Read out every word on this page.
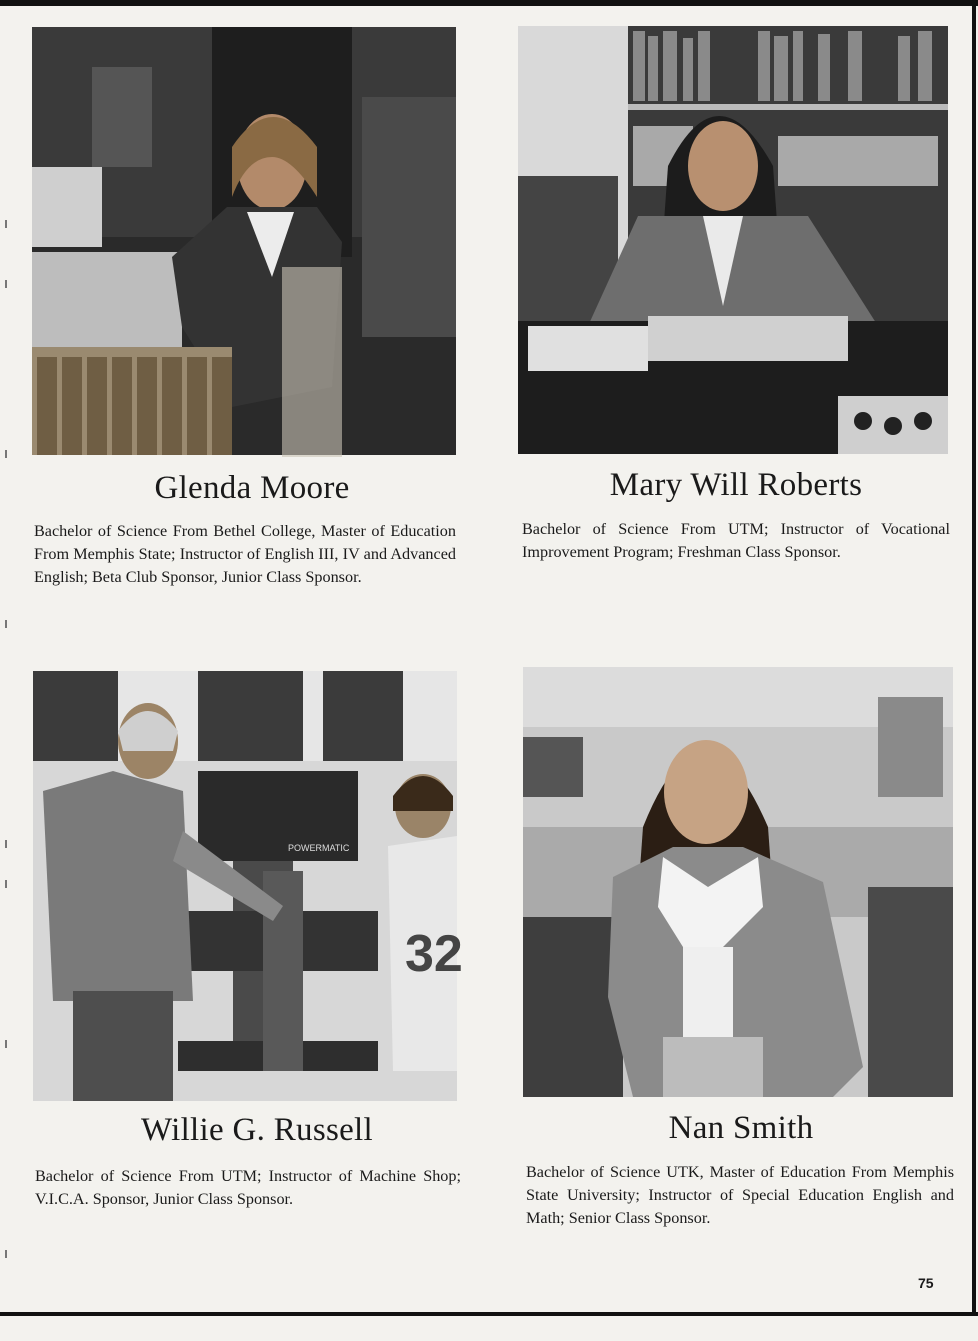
Glenda Moore
Bachelor of Science From Bethel College, Master of Education From Memphis State; Instructor of English III, IV and Advanced English; Beta Club Sponsor, Junior Class Sponsor.
Mary Will Roberts
Bachelor of Science From UTM; Instructor of Vocational Improvement Program; Freshman Class Sponsor.
POWERMATIC
32
Willie G. Russell
Bachelor of Science From UTM; Instructor of Machine Shop; V.I.C.A. Sponsor, Junior Class Sponsor.
Nan Smith
Bachelor of Science UTK, Master of Education From Memphis State University; Instructor of Special Education English and Math; Senior Class Sponsor.
75
